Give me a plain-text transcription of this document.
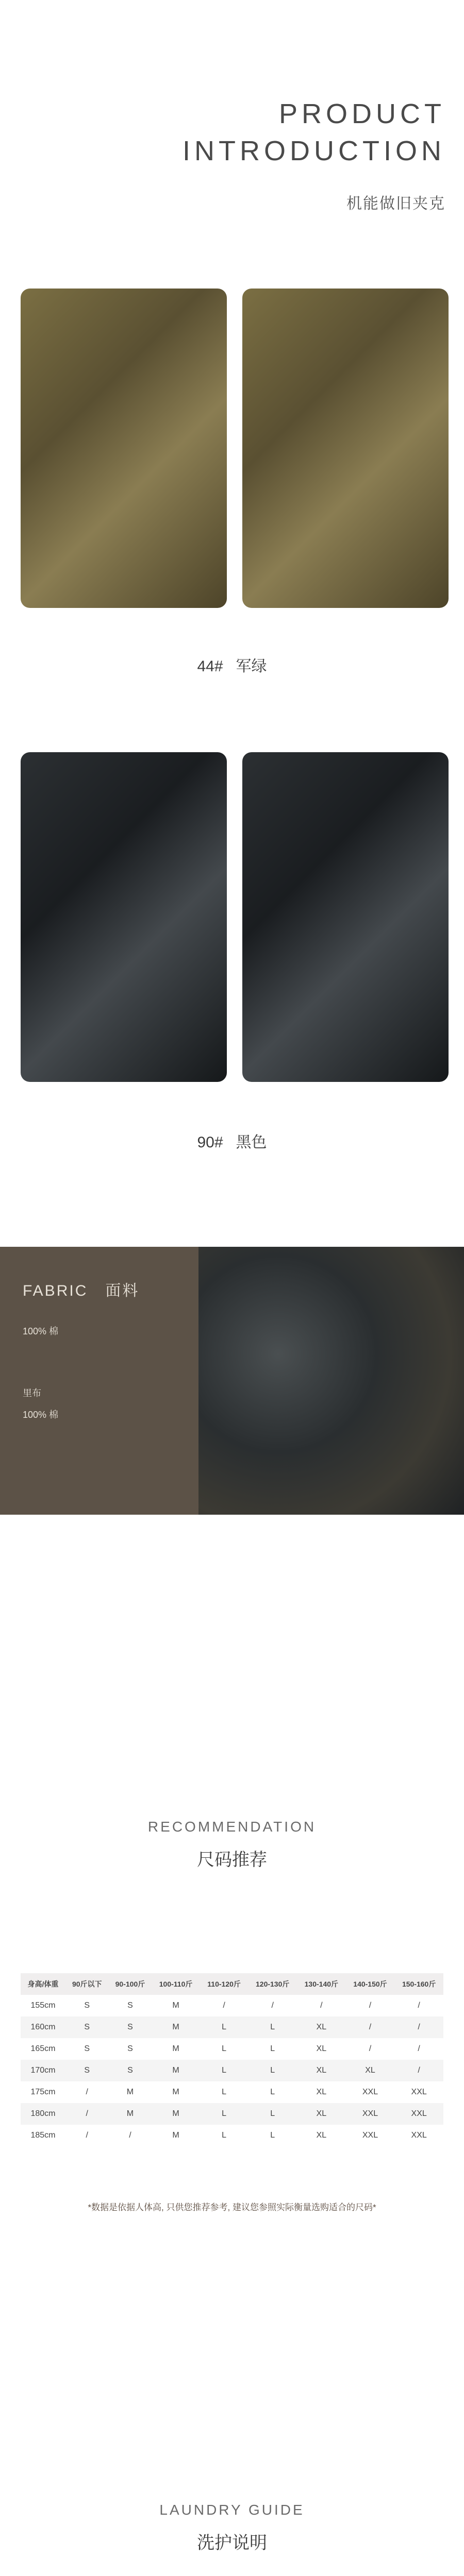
PRODUCT
INTRODUCTION
机能做旧夹克
44# 军绿
90# 黑色
FABRIC 面料
100% 棉
里布
100% 棉
RECOMMENDATION
尺码推荐
身高/体重	90斤以下	90-100斤	100-110斤	110-120斤	120-130斤	130-140斤	140-150斤	150-160斤
155cm	S	S	M	/	/	/	/	/
160cm	S	S	M	L	L	XL	/	/
165cm	S	S	M	L	L	XL	/	/
170cm	S	S	M	L	L	XL	XL	/
175cm	/	M	M	L	L	XL	XXL	XXL
180cm	/	M	M	L	L	XL	XXL	XXL
185cm	/	/	M	L	L	XL	XXL	XXL
*数据是依据人体高, 只供您推荐参考, 建议您参照实际衡量选购适合的尺码*
LAUNDRY GUIDE
洗护说明
